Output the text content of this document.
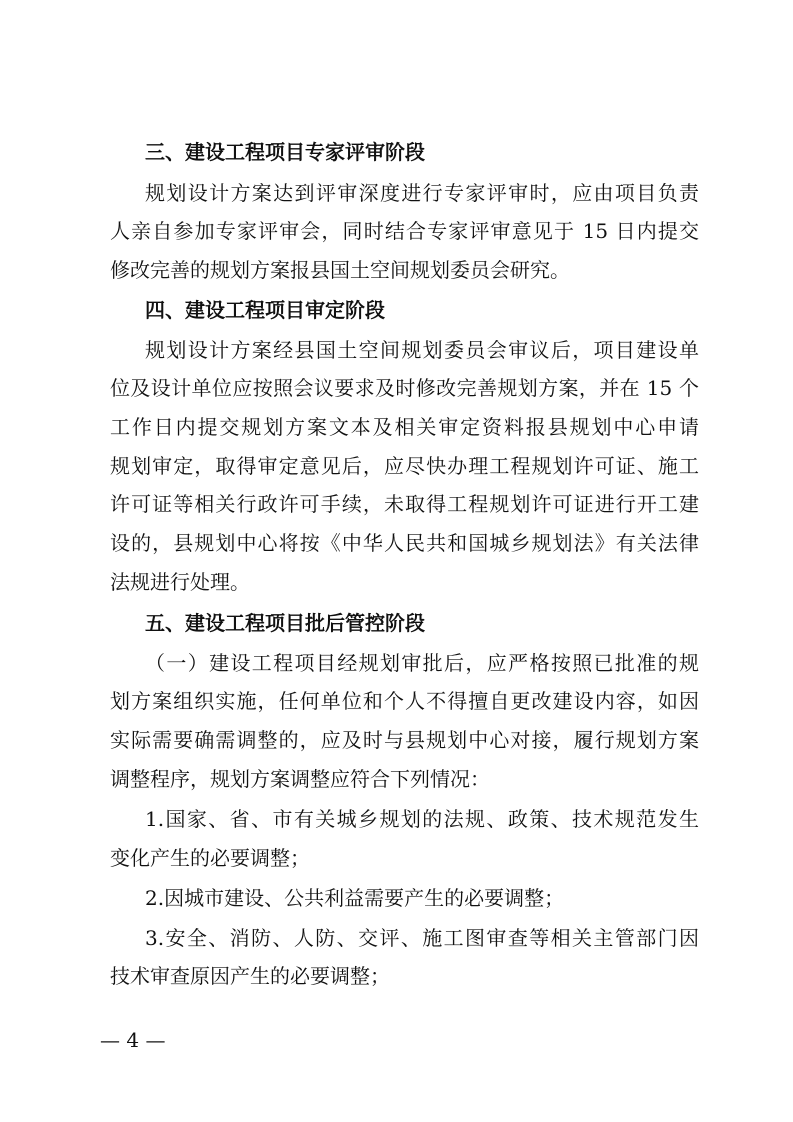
三、建设工程项目专家评审阶段
规划设计方案达到评审深度进行专家评审时，应由项目负责
人亲自参加专家评审会，同时结合专家评审意见于 15 日内提交
修改完善的规划方案报县国土空间规划委员会研究。
四、建设工程项目审定阶段
规划设计方案经县国土空间规划委员会审议后，项目建设单
位及设计单位应按照会议要求及时修改完善规划方案，并在 15 个
工作日内提交规划方案文本及相关审定资料报县规划中心申请
规划审定，取得审定意见后，应尽快办理工程规划许可证、施工
许可证等相关行政许可手续，未取得工程规划许可证进行开工建
设的，县规划中心将按《中华人民共和国城乡规划法》有关法律
法规进行处理。
五、建设工程项目批后管控阶段
（一）建设工程项目经规划审批后，应严格按照已批准的规
划方案组织实施，任何单位和个人不得擅自更改建设内容，如因
实际需要确需调整的，应及时与县规划中心对接，履行规划方案
调整程序，规划方案调整应符合下列情况：
1.国家、省、市有关城乡规划的法规、政策、技术规范发生
变化产生的必要调整；
2.因城市建设、公共利益需要产生的必要调整；
3.安全、消防、人防、交评、施工图审查等相关主管部门因
技术审查原因产生的必要调整；
— 4 —
